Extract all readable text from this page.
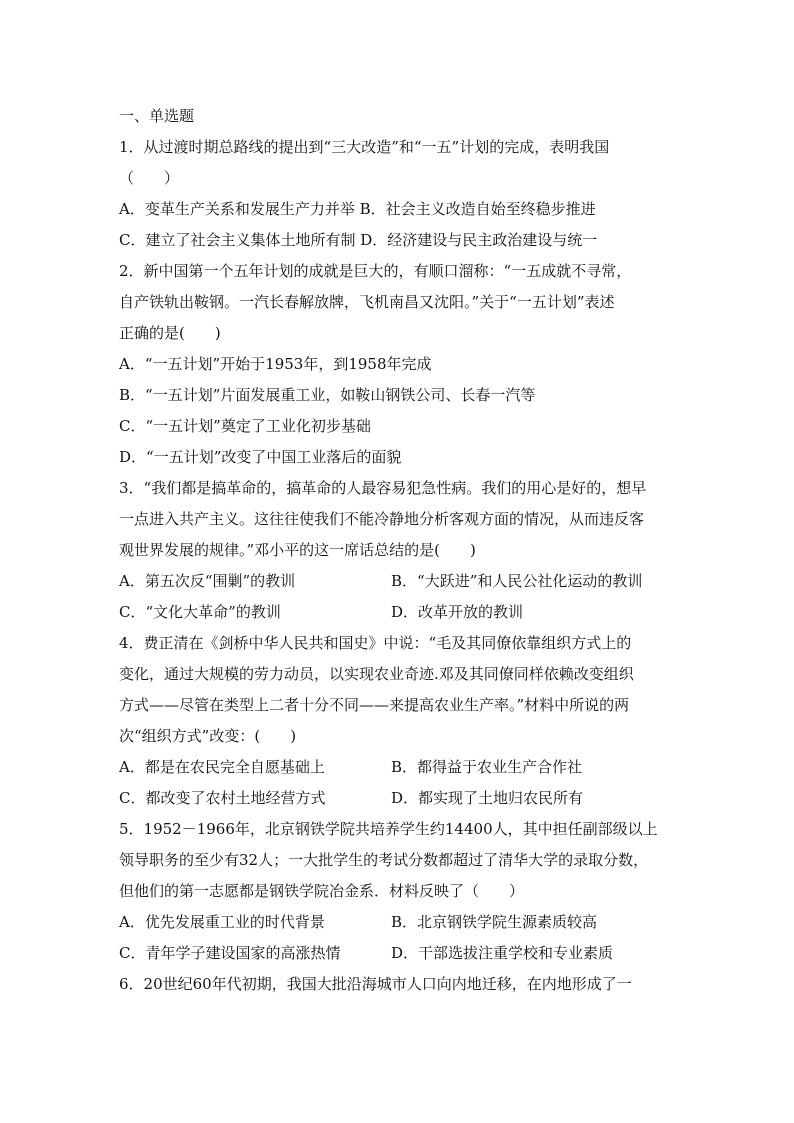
一、单选题
1．从过渡时期总路线的提出到“三大改造”和“一五”计划的完成，表明我国
（　　）
A．变革生产关系和发展生产力并举 B．社会主义改造自始至终稳步推进
C．建立了社会主义集体土地所有制 D．经济建设与民主政治建设与统一
2．新中国第一个五年计划的成就是巨大的，有顺口溜称：“一五成就不寻常，
自产铁轨出鞍钢。一汽长春解放牌，飞机南昌又沈阳。”关于“一五计划”表述
正确的是(　　)
A．“一五计划”开始于1953年，到1958年完成
B．“一五计划”片面发展重工业，如鞍山钢铁公司、长春一汽等
C．“一五计划”奠定了工业化初步基础
D．“一五计划”改变了中国工业落后的面貌
3．“我们都是搞革命的，搞革命的人最容易犯急性病。我们的用心是好的，想早
一点进入共产主义。这往往使我们不能冷静地分析客观方面的情况，从而违反客
观世界发展的规律。”邓小平的这一席话总结的是(　　)
A．第五次反“围剿”的教训	B．“大跃进”和人民公社化运动的教训
C．“文化大革命”的教训	D．改革开放的教训
4．费正清在《剑桥中华人民共和国史》中说：“毛及其同僚依靠组织方式上的
变化，通过大规模的劳力动员，以实现农业奇迹.邓及其同僚同样依赖改变组织
方式——尽管在类型上二者十分不同——来提高农业生产率。”材料中所说的两
次“组织方式”改变：(　　)
A．都是在农民完全自愿基础上	B．都得益于农业生产合作社
C．都改变了农村土地经营方式	D．都实现了土地归农民所有
5．1952－1966年，北京钢铁学院共培养学生约14400人，其中担任副部级以上
领导职务的至少有32人；一大批学生的考试分数都超过了清华大学的录取分数，
但他们的第一志愿都是钢铁学院冶金系．材料反映了（　　）
A．优先发展重工业的时代背景	B．北京钢铁学院生源素质较高
C．青年学子建设国家的高涨热情	D．干部选拔注重学校和专业素质
6．20世纪60年代初期，我国大批沿海城市人口向内地迁移，在内地形成了一
